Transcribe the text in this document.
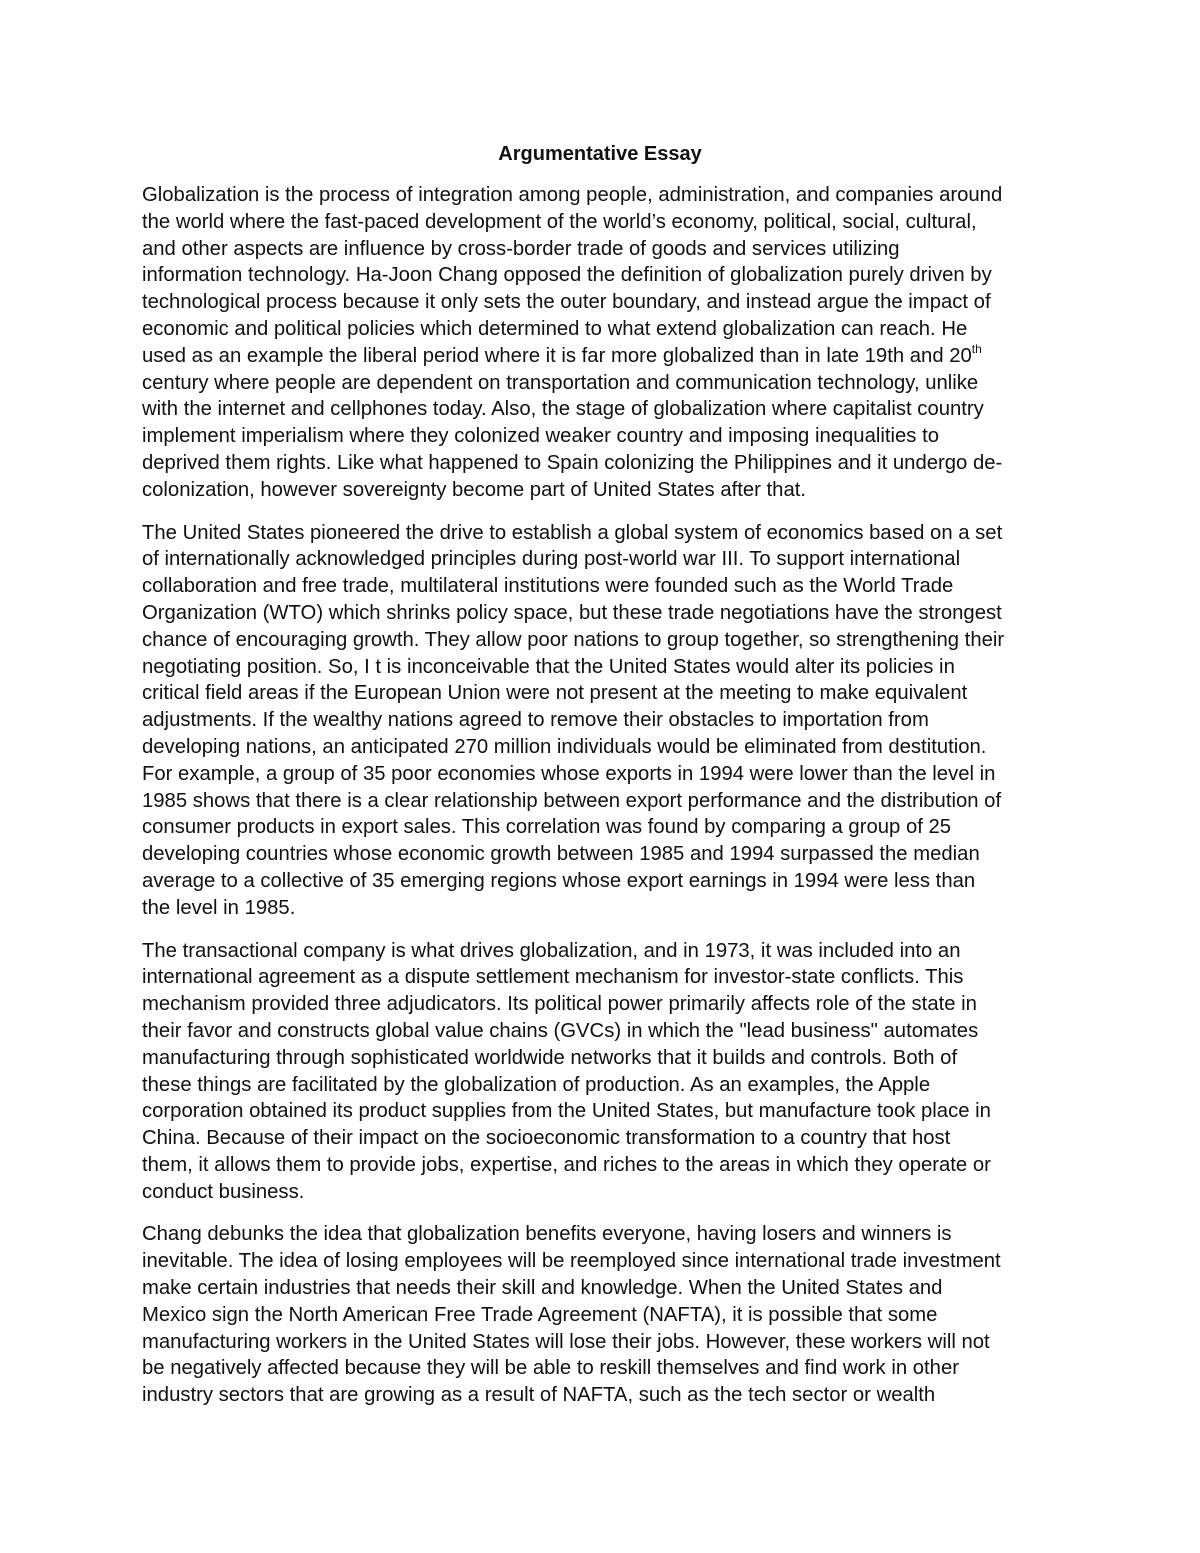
Argumentative Essay

Globalization is the process of integration among people, administration, and companies around
the world where the fast-paced development of the world’s economy, political, social, cultural,
and other aspects are influence by cross-border trade of goods and services utilizing
information technology. Ha-Joon Chang opposed the definition of globalization purely driven by
technological process because it only sets the outer boundary, and instead argue the impact of
economic and political policies which determined to what extend globalization can reach. He
used as an example the liberal period where it is far more globalized than in late 19th and 20th
century where people are dependent on transportation and communication technology, unlike
with the internet and cellphones today. Also, the stage of globalization where capitalist country
implement imperialism where they colonized weaker country and imposing inequalities to
deprived them rights. Like what happened to Spain colonizing the Philippines and it undergo de-
colonization, however sovereignty become part of United States after that.

The United States pioneered the drive to establish a global system of economics based on a set
of internationally acknowledged principles during post-world war III. To support international
collaboration and free trade, multilateral institutions were founded such as the World Trade
Organization (WTO) which shrinks policy space, but these trade negotiations have the strongest
chance of encouraging growth. They allow poor nations to group together, so strengthening their
negotiating position. So, I t is inconceivable that the United States would alter its policies in
critical field areas if the European Union were not present at the meeting to make equivalent
adjustments. If the wealthy nations agreed to remove their obstacles to importation from
developing nations, an anticipated 270 million individuals would be eliminated from destitution.
For example, a group of 35 poor economies whose exports in 1994 were lower than the level in
1985 shows that there is a clear relationship between export performance and the distribution of
consumer products in export sales. This correlation was found by comparing a group of 25
developing countries whose economic growth between 1985 and 1994 surpassed the median
average to a collective of 35 emerging regions whose export earnings in 1994 were less than
the level in 1985.

The transactional company is what drives globalization, and in 1973, it was included into an
international agreement as a dispute settlement mechanism for investor-state conflicts. This
mechanism provided three adjudicators. Its political power primarily affects role of the state in
their favor and constructs global value chains (GVCs) in which the "lead business" automates
manufacturing through sophisticated worldwide networks that it builds and controls. Both of
these things are facilitated by the globalization of production. As an examples, the Apple
corporation obtained its product supplies from the United States, but manufacture took place in
China. Because of their impact on the socioeconomic transformation to a country that host
them, it allows them to provide jobs, expertise, and riches to the areas in which they operate or
conduct business.

Chang debunks the idea that globalization benefits everyone, having losers and winners is
inevitable. The idea of losing employees will be reemployed since international trade investment
make certain industries that needs their skill and knowledge. When the United States and
Mexico sign the North American Free Trade Agreement (NAFTA), it is possible that some
manufacturing workers in the United States will lose their jobs. However, these workers will not
be negatively affected because they will be able to reskill themselves and find work in other
industry sectors that are growing as a result of NAFTA, such as the tech sector or wealth
